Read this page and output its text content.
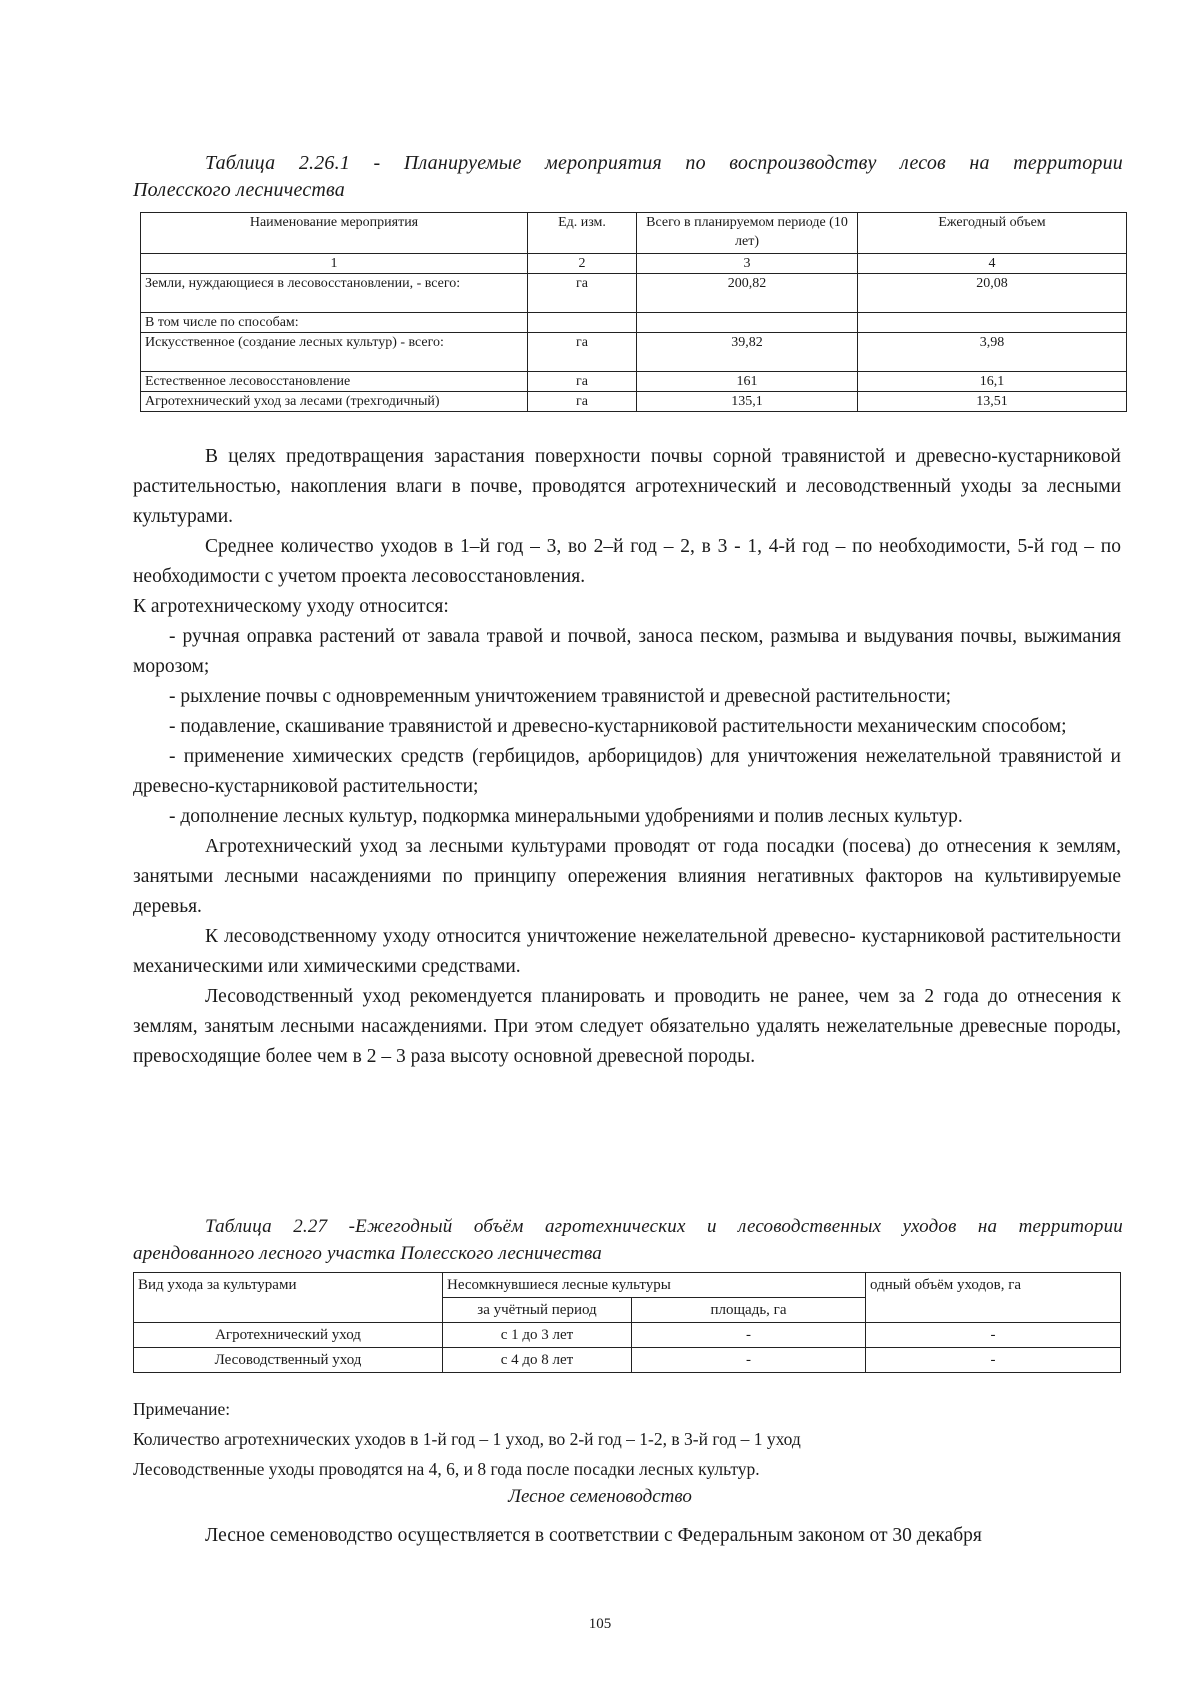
Таблица 2.26.1 - Планируемые мероприятия по воспроизводству лесов на территории
Полесского лесничества
Наименование мероприятия	Ед. изм.	Всего в планируемом периоде (10 лет)	Ежегодный объем
1	2	3	4
Земли, нуждающиеся в лесовосстановлении, - всего:	га	200,82	20,08
В том числе по способам:			
Искусственное (создание лесных культур) - всего:	га	39,82	3,98
Естественное лесовосстановление	га	161	16,1
Агротехнический уход за лесами (трехгодичный)	га	135,1	13,51

В целях предотвращения зарастания поверхности почвы сорной травянистой и древесно-кустарниковой растительностью, накопления влаги в почве, проводятся агротехнический и лесоводственный уходы за лесными культурами.

Среднее количество уходов в 1–й год – 3, во 2–й год – 2, в 3 - 1, 4-й год – по необходимости, 5-й год – по необходимости с учетом проекта лесовосстановления.

К агротехническому уходу относится:

- ручная оправка растений от завала травой и почвой, заноса песком, размыва и выдувания почвы, выжимания морозом;

- рыхление почвы с одновременным уничтожением травянистой и древесной растительности;

- подавление, скашивание травянистой и древесно-кустарниковой растительности механическим способом;

- применение химических средств (гербицидов, арборицидов) для уничтожения нежелательной травянистой и древесно-кустарниковой растительности;

- дополнение лесных культур, подкормка минеральными удобрениями и полив лесных культур.

Агротехнический уход за лесными культурами проводят от года посадки (посева) до отнесения к землям, занятыми лесными насаждениями по принципу опережения влияния негативных факторов на культивируемые деревья.

К лесоводственному уходу относится уничтожение нежелательной древесно- кустарниковой растительности механическими или химическими средствами.

Лесоводственный уход рекомендуется планировать и проводить не ранее, чем за 2 года до отнесения к землям, занятым лесными насаждениями. При этом следует обязательно удалять нежелательные древесные породы, превосходящие более чем в 2 – 3 раза высоту основной древесной породы.

Таблица 2.27 -Ежегодный объём агротехнических и лесоводственных уходов на территории
арендованного лесного участка Полесского лесничества
Вид ухода за культурами	Несомкнувшиеся лесные культуры		одный объём уходов, га
	за учётный период	площадь, га	
Агротехнический уход	с 1 до 3 лет	-	-
Лесоводственный уход	с 4 до 8 лет	-	-

Примечание:

Количество агротехнических уходов в 1-й год – 1 уход, во 2-й год – 1-2, в 3-й год – 1 уход

Лесоводственные уходы проводятся на 4, 6, и 8 года после посадки лесных культур.

Лесное семеноводство

Лесное семеноводство осуществляется в соответствии с Федеральным законом от 30 декабря

105
